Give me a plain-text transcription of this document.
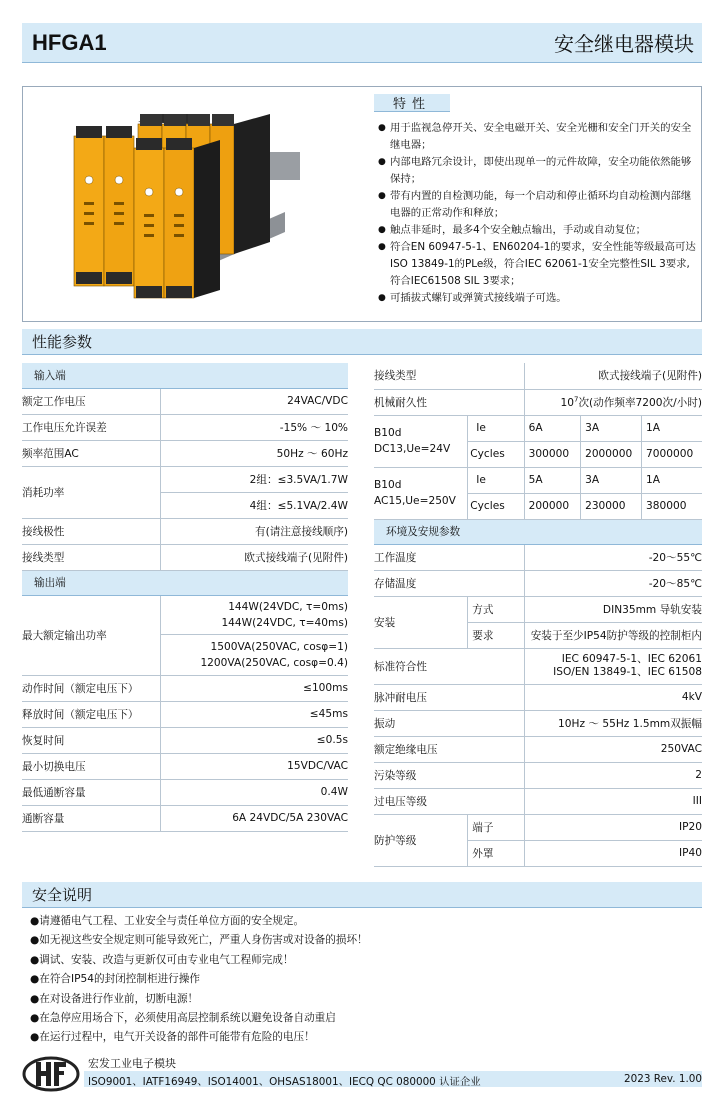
HFGA1	安全继电器模块
特性
● 用于监视急停开关、安全电磁开关、安全光栅和安全门开关的安全继电器；
● 内部电路冗余设计，即使出现单一的元件故障，安全功能依然能够保持；
● 带有内置的自检测功能，每一个启动和停止循环均自动检测内部继电器的正常动作和释放；
● 触点非延时，最多4个安全触点输出，手动或自动复位；
● 符合EN 60947-5-1、EN60204-1的要求，安全性能等级最高可达ISO 13849-1的PLe级，符合IEC 62061-1安全完整性SIL 3要求, 符合IEC61508 SIL 3要求；
● 可插拔式螺钉或弹簧式接线端子可选。
性能参数
输入端	
额定工作电压	24VAC/VDC
工作电压允许误差	-15% ～ 10%
频率范围AC	50Hz ～ 60Hz
消耗功率	2组：≤3.5VA/1.7W
	4组：≤5.1VA/2.4W
接线极性	有(请注意接线顺序)
接线类型	欧式接线端子(见附件)
输出端	
最大额定输出功率	144W(24VDC, τ=0ms)
144W(24VDC, τ=40ms)

	1500VA(250VAC, cosφ=1)
1200VA(250VAC, cosφ=0.4)

动作时间（额定电压下）	≤100ms
释放时间（额定电压下）	≤45ms
恢复时间	≤0.5s
最小切换电压	15VDC/VAC
最低通断容量	0.4W
通断容量	6A 24VDC/5A 230VAC
接线类型		欧式接线端子(见附件)		
机械耐久性		$10^7$次(动作频率7200次/小时)		

B10d
DC13,Ue=24V	Ie	6A	3A	1A
	Cycles	300000	2000000	7000000

B10d
AC15,Ue=250V	Ie	5A	3A	1A
	Cycles	200000	230000	380000
环境及安规参数				
工作温度		-20～55℃		
存储温度		-20～85℃		
安装	方式	DIN35mm 导轨安装		
	要求	安装于至少IP54防护等级的控制柜内		
标准符合性		IEC 60947-5-1、IEC 62061
ISO/EN 13849-1、IEC 61508		

脉冲耐电压		4kV		
振动		10Hz ～ 55Hz 1.5mm双振幅		
额定绝缘电压		250VAC		
污染等级		2		
过电压等级		III		
防护等级	端子	IP20		
	外罩	IP40		
安全说明
●请遵循电气工程、工业安全与责任单位方面的安全规定。
●如无视这些安全规定则可能导致死亡，严重人身伤害或对设备的损坏！
●调试、安装、改造与更新仅可由专业电气工程师完成！
●在符合IP54的封闭控制柜进行操作
●在对设备进行作业前，切断电源！
●在急停应用场合下，必须使用高层控制系统以避免设备自动重启
●在运行过程中，电气开关设备的部件可能带有危险的电压！
宏发工业电子模块
ISO9001、IATF16949、ISO14001、OHSAS18001、IECQ QC 080000 认证企业	2023 Rev. 1.00
